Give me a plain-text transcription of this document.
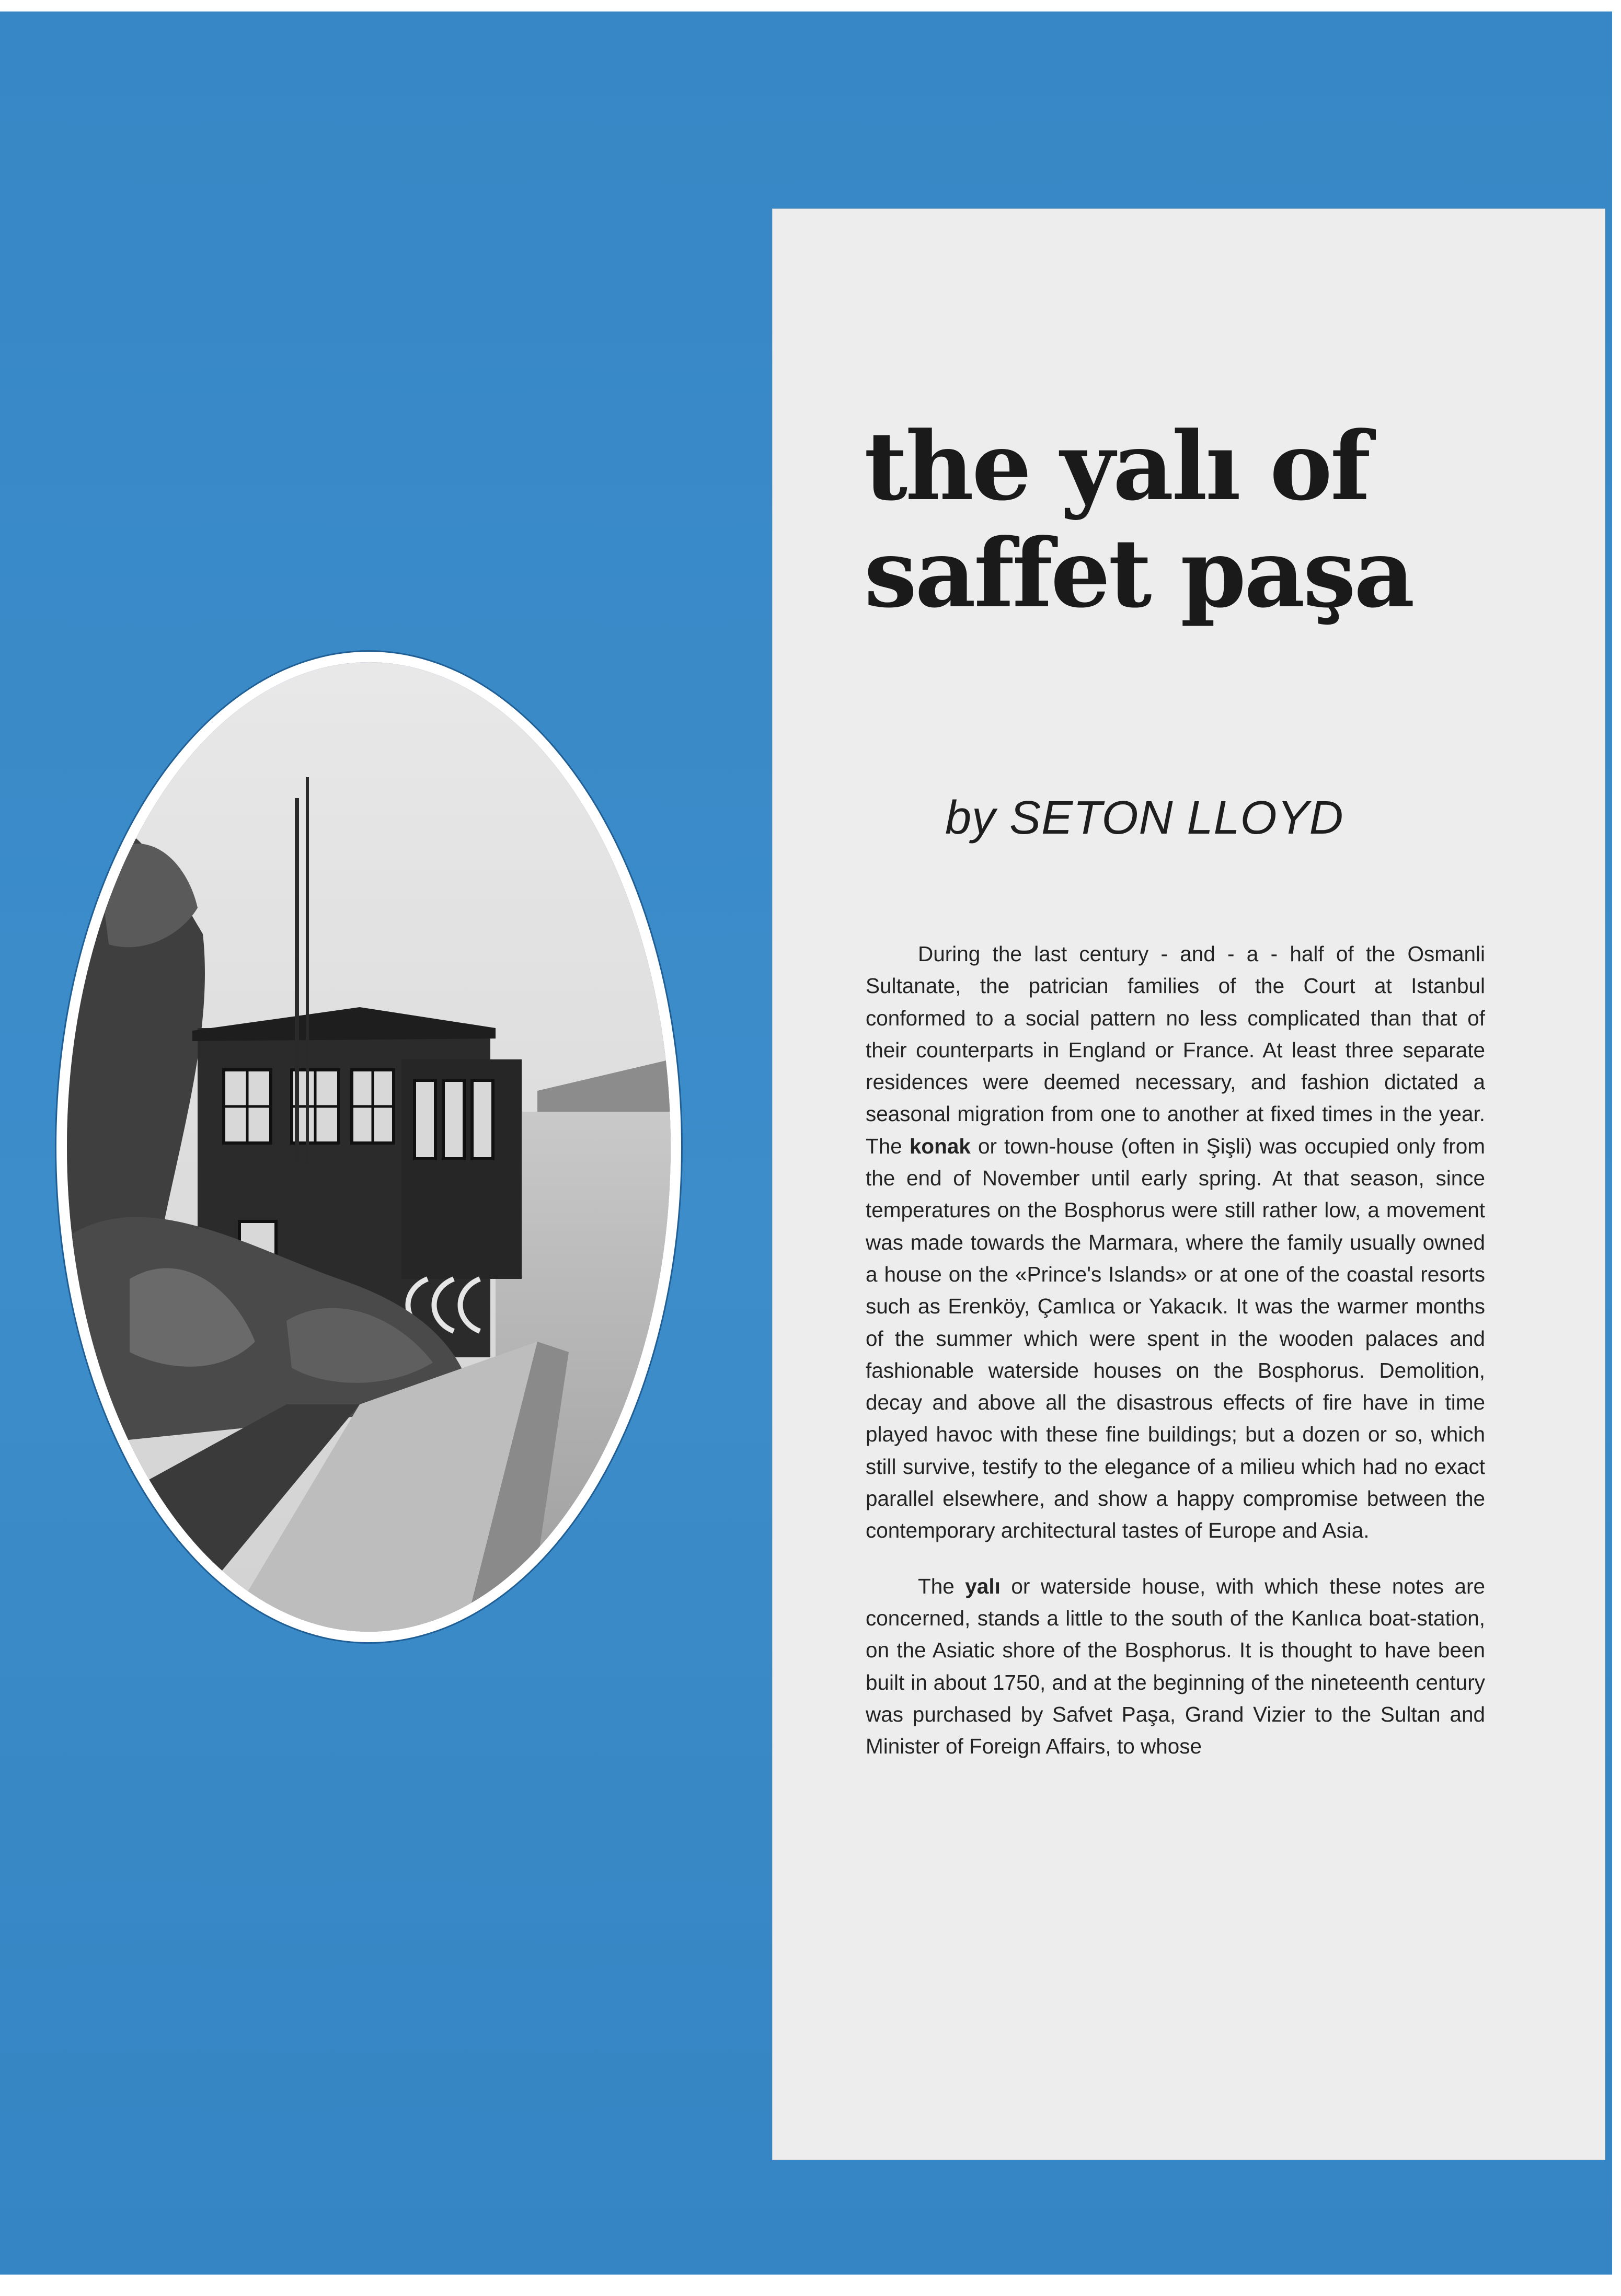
the yalı of
saffet paşa

by SETON LLOYD

During the last century - and - a - half of the Osmanli Sultanate, the patrician families of the Court at Istanbul conformed to a social pattern no less complicated than that of their counterparts in England or France. At least three separate residences were deemed necessary, and fashion dictated a seasonal migration from one to another at fixed times in the year. The konak or town-house (often in Şişli) was occupied only from the end of November until early spring. At that season, since temperatures on the Bosphorus were still rather low, a movement was made towards the Marmara, where the family usually owned a house on the «Prince's Islands» or at one of the coastal resorts such as Erenköy, Çamlıca or Yakacık. It was the warmer months of the summer which were spent in the wooden palaces and fashionable waterside houses on the Bosphorus. Demolition, decay and above all the disastrous effects of fire have in time played havoc with these fine buildings; but a dozen or so, which still survive, testify to the elegance of a milieu which had no exact parallel elsewhere, and show a happy compromise between the contemporary architectural tastes of Europe and Asia.

The yalı or waterside house, with which these notes are concerned, stands a little to the south of the Kanlıca boat-station, on the Asiatic shore of the Bosphorus. It is thought to have been built in about 1750, and at the beginning of the nineteenth century was purchased by Safvet Paşa, Grand Vizier to the Sultan and Minister of Foreign Affairs, to whose
